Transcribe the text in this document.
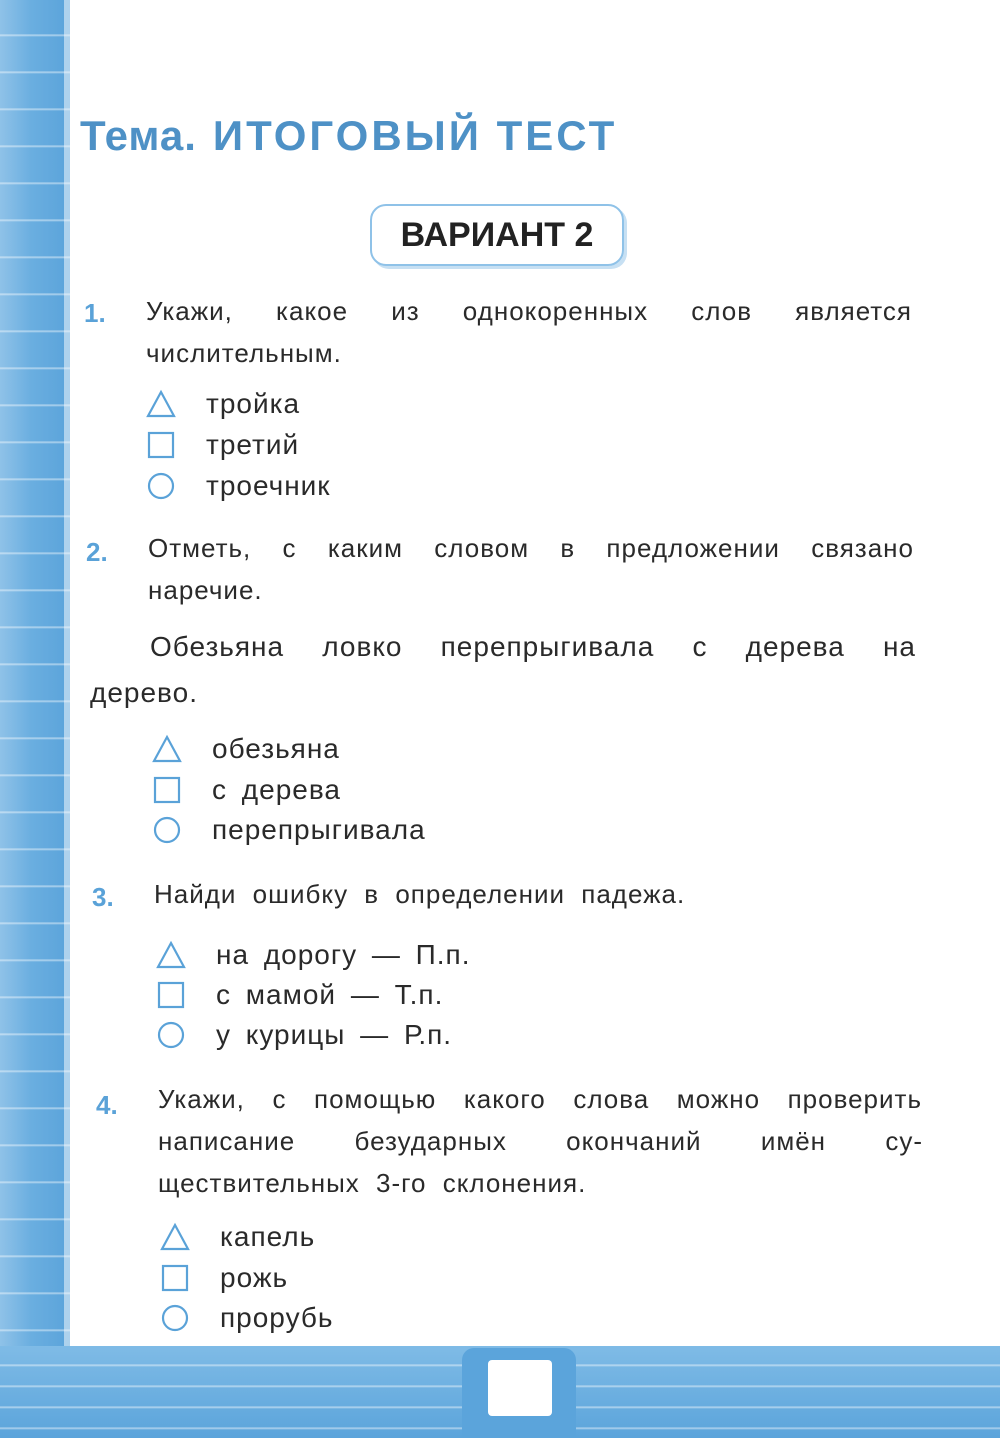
Тема. ИТОГОВЫЙ ТЕСТ
ВАРИАНТ 2
1. Укажи, какое из однокоренных слов является числительным.
тройка
третий
троечник
2. Отметь, с каким словом в предложении связано наречие.
Обезьяна ловко перепрыгивала с дерева на дерево.
обезьяна
с дерева
перепрыгивала
3. Найди ошибку в определении падежа.
на дорогу — П.п.
с мамой — Т.п.
у курицы — Р.п.
4. Укажи, с помощью какого слова можно проверить написание безударных окончаний имён существительных 3-го склонения.
капель
рожь
прорубь
